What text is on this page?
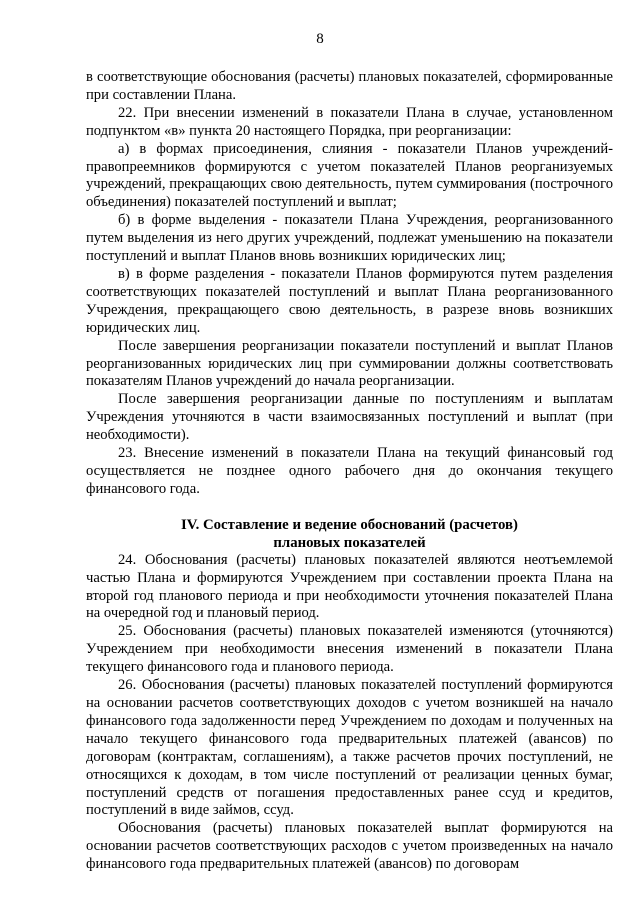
8

в соответствующие обоснования (расчеты) плановых показателей, сформированные при составлении Плана.

22. При внесении изменений в показатели Плана в случае, установленном подпунктом «в» пункта 20 настоящего Порядка, при реорганизации:

а) в формах присоединения, слияния - показатели Планов учреждений-правопреемников формируются с учетом показателей Планов реорганизуемых учреждений, прекращающих свою деятельность, путем суммирования (построчного объединения) показателей поступлений и выплат;

б) в форме выделения - показатели Плана Учреждения, реорганизованного путем выделения из него других учреждений, подлежат уменьшению на показатели поступлений и выплат Планов вновь возникших юридических лиц;

в) в форме разделения - показатели Планов формируются путем разделения соответствующих показателей поступлений и выплат Плана реорганизованного Учреждения, прекращающего свою деятельность, в разрезе вновь возникших юридических лиц.

После завершения реорганизации показатели поступлений и выплат Планов реорганизованных юридических лиц при суммировании должны соответствовать показателям Планов учреждений до начала реорганизации.

После завершения реорганизации данные по поступлениям и выплатам Учреждения уточняются в части взаимосвязанных поступлений и выплат (при необходимости).

23. Внесение изменений в показатели Плана на текущий финансовый год осуществляется не позднее одного рабочего дня до окончания текущего финансового года.

IV. Составление и ведение обоснований (расчетов)
плановых показателей

24. Обоснования (расчеты) плановых показателей являются неотъемлемой частью Плана и формируются Учреждением при составлении проекта Плана на второй год планового периода и при необходимости уточнения показателей Плана на очередной год и плановый период.

25. Обоснования (расчеты) плановых показателей изменяются (уточняются) Учреждением при необходимости внесения изменений в показатели Плана текущего финансового года и планового периода.

26. Обоснования (расчеты) плановых показателей поступлений формируются на основании расчетов соответствующих доходов с учетом возникшей на начало финансового года задолженности перед Учреждением по доходам и полученных на начало текущего финансового года предварительных платежей (авансов) по договорам (контрактам, соглашениям), а также расчетов прочих поступлений, не относящихся к доходам, в том числе поступлений от реализации ценных бумаг, поступлений средств от погашения предоставленных ранее ссуд и кредитов, поступлений в виде займов, ссуд.

Обоснования (расчеты) плановых показателей выплат формируются на основании расчетов соответствующих расходов с учетом произведенных на начало финансового года предварительных платежей (авансов) по договорам
